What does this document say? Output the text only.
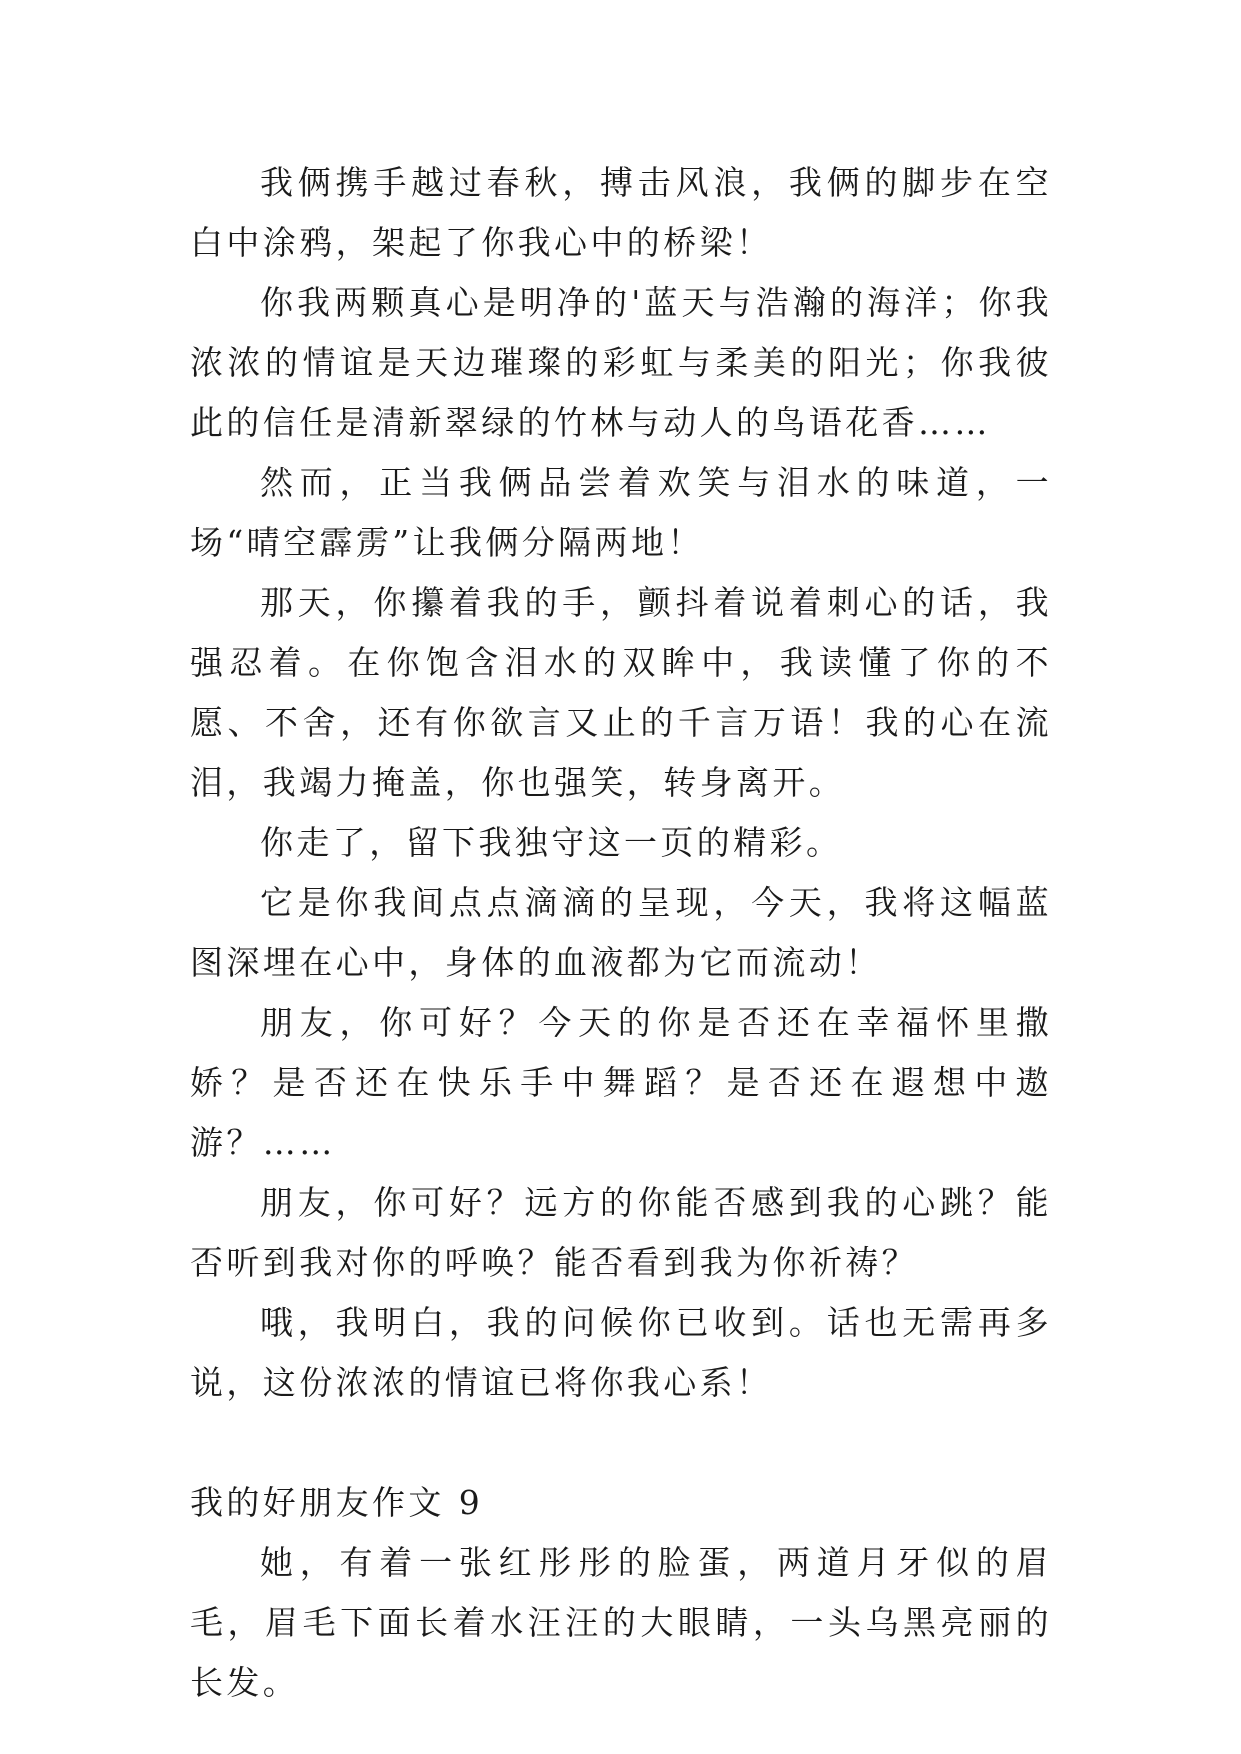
我俩携手越过春秋，搏击风浪，我俩的脚步在空白中涂鸦，架起了你我心中的桥梁！

你我两颗真心是明净的'蓝天与浩瀚的海洋；你我浓浓的情谊是天边璀璨的彩虹与柔美的阳光；你我彼此的信任是清新翠绿的竹林与动人的鸟语花香……

然而，正当我俩品尝着欢笑与泪水的味道，一场“晴空霹雳”让我俩分隔两地！

那天，你攥着我的手，颤抖着说着刺心的话，我强忍着。在你饱含泪水的双眸中，我读懂了你的不愿、不舍，还有你欲言又止的千言万语！我的心在流泪，我竭力掩盖，你也强笑，转身离开。

你走了，留下我独守这一页的精彩。

它是你我间点点滴滴的呈现，今天，我将这幅蓝图深埋在心中，身体的血液都为它而流动！

朋友，你可好？今天的你是否还在幸福怀里撒娇？是否还在快乐手中舞蹈？是否还在遐想中遨游？……

朋友，你可好？远方的你能否感到我的心跳？能否听到我对你的呼唤？能否看到我为你祈祷？

哦，我明白，我的问候你已收到。话也无需再多说，这份浓浓的情谊已将你我心系！

我的好朋友作文 9

她，有着一张红彤彤的脸蛋，两道月牙似的眉毛，眉毛下面长着水汪汪的大眼睛，一头乌黑亮丽的长发。
